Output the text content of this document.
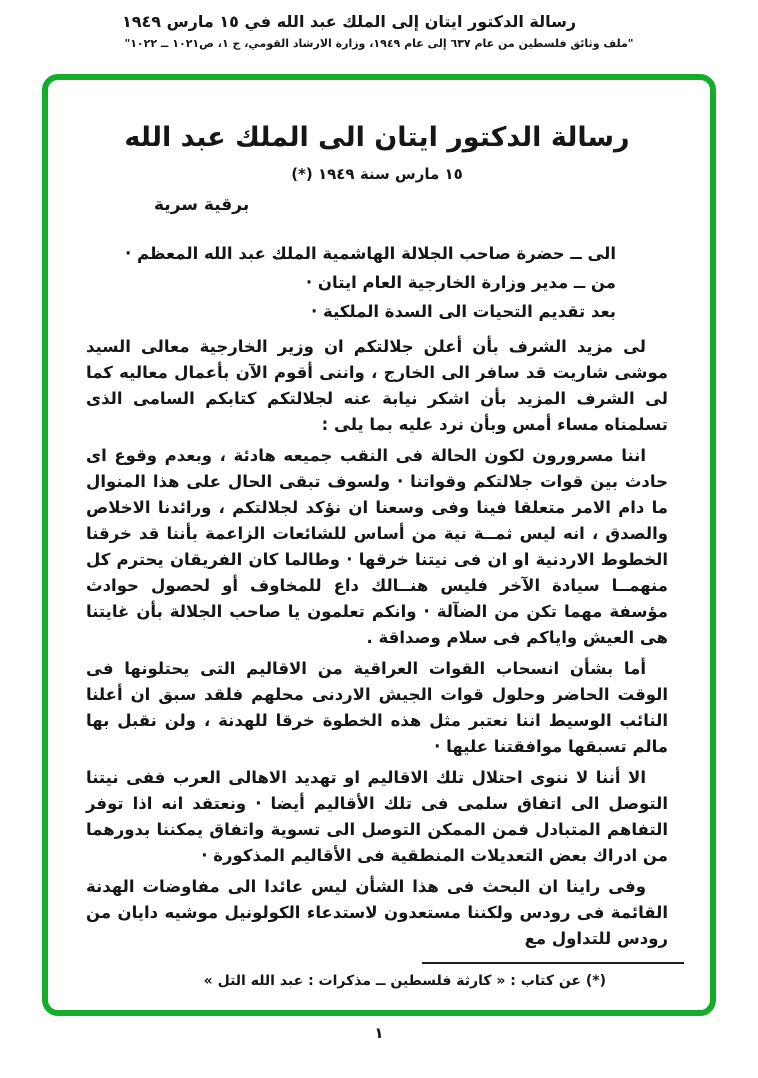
رسالة الدكتور ايتان إلى الملك عبد الله في ١٥ مارس ١٩٤٩
"ملف وثائق فلسطين من عام ٦٣٧ إلى عام ١٩٤٩، وزارة الارشاد القومي، ج ١، ص١٠٢١ ــ ١٠٢٢"
رسالة الدكتور ايتان الى الملك عبد الله
١٥ مارس سنة ١٩٤٩ (*)
برقية سرية
الى ــ حضرة صاحب الجلالة الهاشمية الملك عبد الله المعظم ·
من ــ مدير وزارة الخارجية العام ايتان ·
بعد تقديم التحيات الى السدة الملكية ·

لى مزيد الشرف بأن أعلن جلالتكم ان وزير الخارجية معالى السيد موشى شاريت قد سافر الى الخارج ، واننى أقوم الآن بأعمال معاليه كما لى الشرف المزيد بأن اشكر نيابة عنه لجلالتكم كتابكم السامى الذى تسلمناه مساء أمس وبأن نرد عليه بما يلى :

اننا مسرورون لكون الحالة فى النقب جميعه هادئة ، وبعدم وقوع اى حادث بين قوات جلالتكم وقواتنا · ولسوف تبقى الحال على هذا المنوال ما دام الامر متعلقا فينا وفى وسعنا ان نؤكد لجلالتكم ، ورائدنا الاخلاص والصدق ، انه ليس ثمــة نية من أساس للشائعات الزاعمة بأننا قد خرقنا الخطوط الاردنية او ان فى نيتنا خرقها · وطالما كان الفريقان يحترم كل منهمــا سيادة الآخر فليس هنــالك داع للمخاوف أو لحصول حوادث مؤسفة مهما تكن من الضآلة · وانكم تعلمون يا صاحب الجلالة بأن غايتنا هى العيش واياكم فى سلام وصداقة .

أما بشأن انسحاب القوات العراقية من الاقاليم التى يحتلونها فى الوقت الحاضر وحلول قوات الجيش الاردنى محلهم فلقد سبق ان أعلنا النائب الوسيط اننا نعتبر مثل هذه الخطوة خرقا للهدنة ، ولن نقبل بها مالم تسبقها موافقتنا عليها ·

الا أننا لا ننوى احتلال تلك الاقاليم او تهديد الاهالى العرب ففى نيتنا التوصل الى اتفاق سلمى فى تلك الأقاليم أيضا · ونعتقد انه اذا توفر التفاهم المتبادل فمن الممكن التوصل الى تسوية واتفاق يمكننا بدورهما من ادراك بعض التعديلات المنطقية فى الأقاليم المذكورة ·

وفى راينا ان البحث فى هذا الشأن ليس عائدا الى مفاوضات الهدنة القائمة فى رودس ولكننا مستعدون لاستدعاء الكولونيل موشيه دايان من رودس للتداول مع

(*) عن كتاب : « كارثة فلسطين ــ مذكرات : عبد الله التل »

١
